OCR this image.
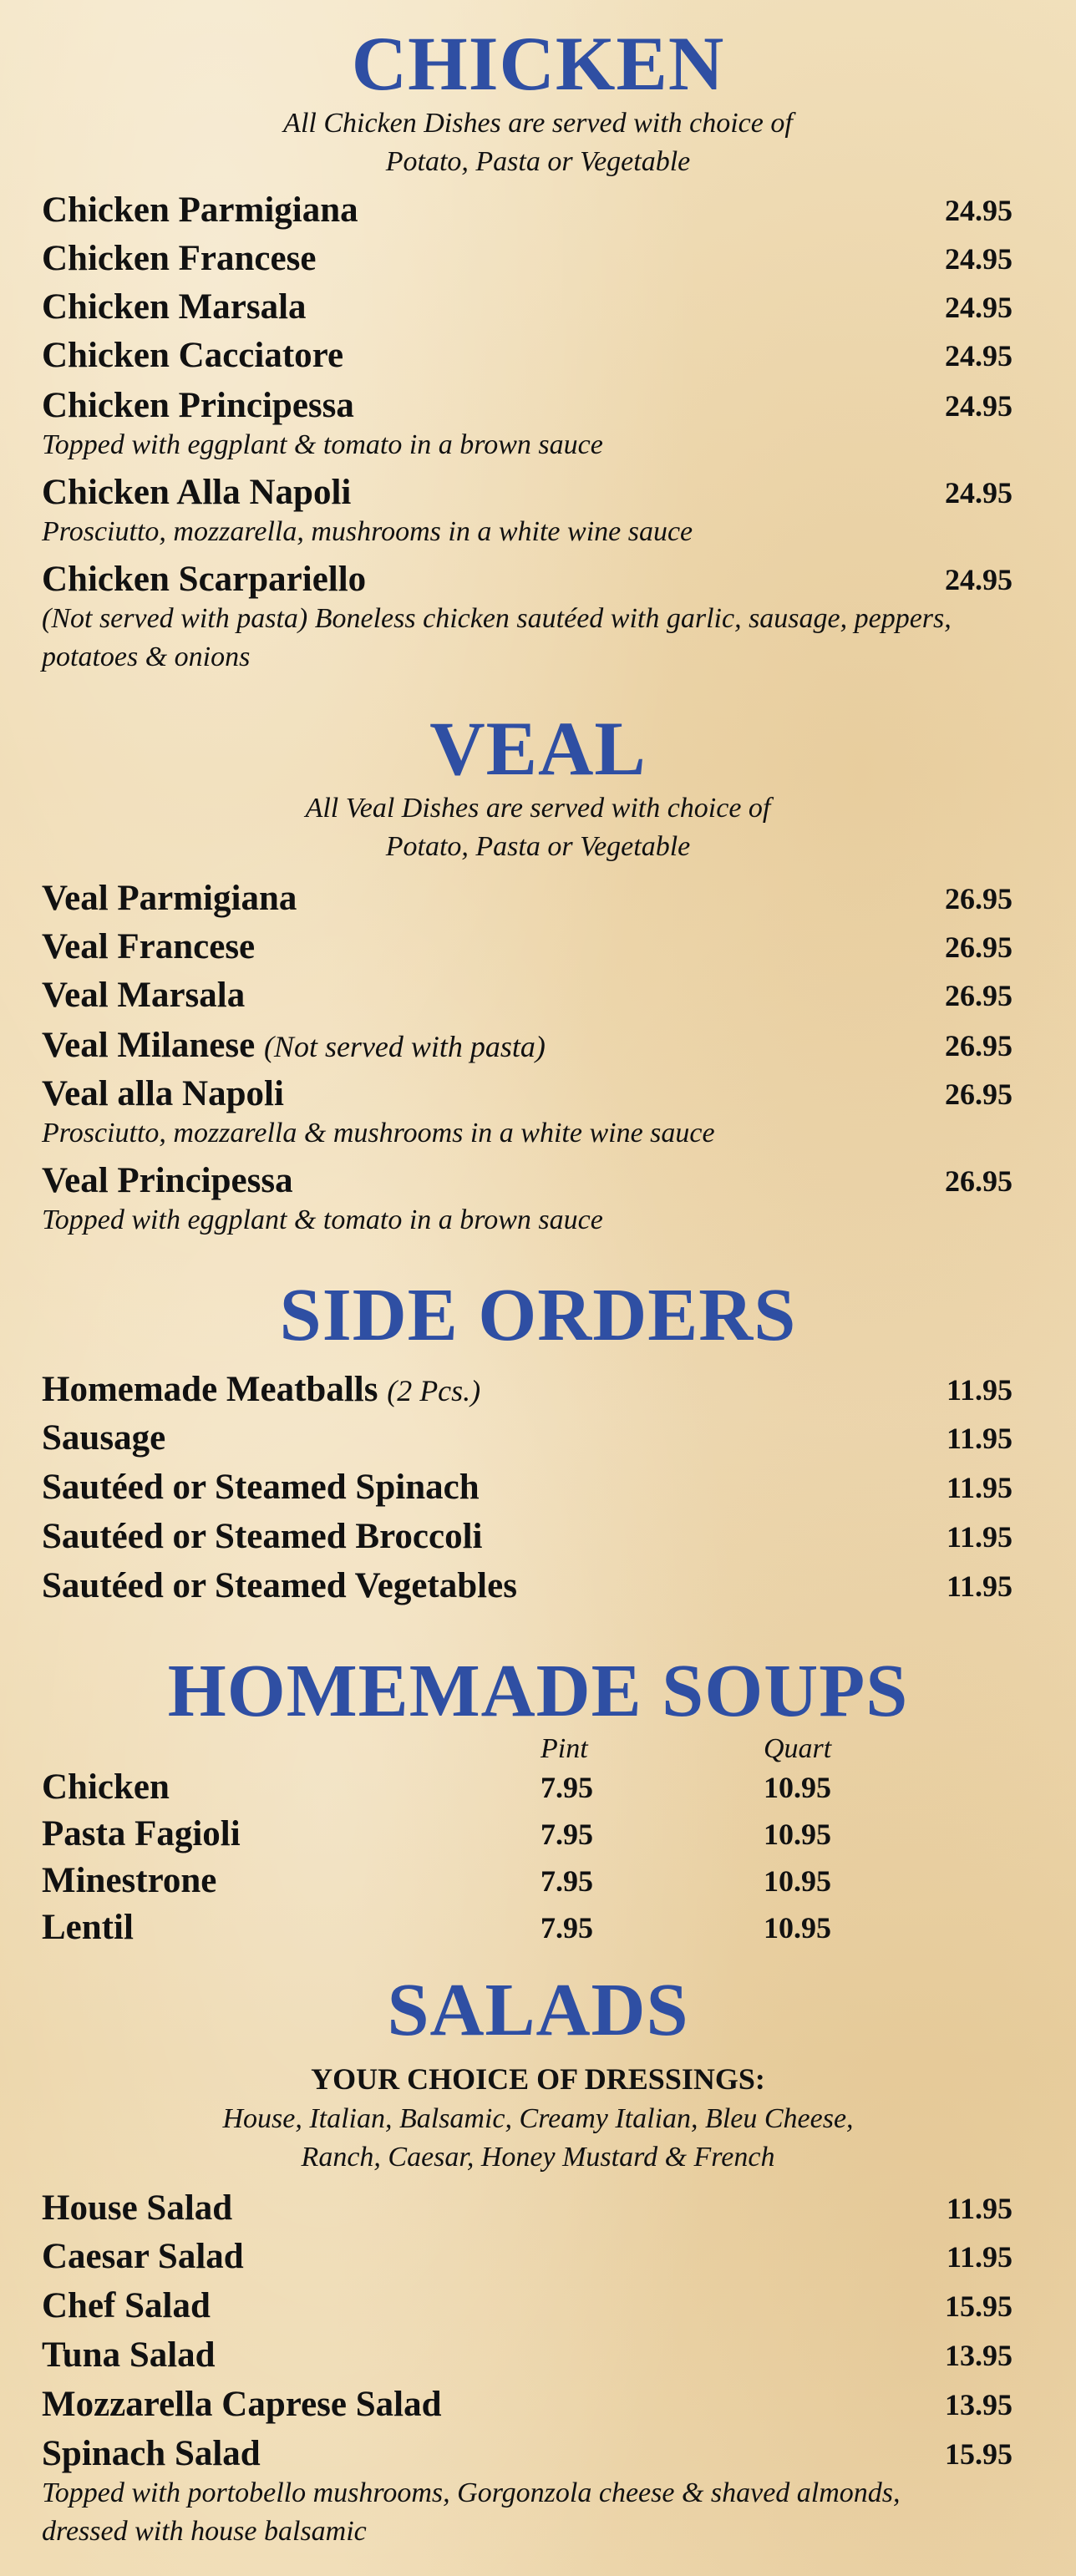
CHICKEN
All Chicken Dishes are served with choice of
Potato, Pasta or Vegetable
Chicken Parmigiana	24.95
Chicken Francese	24.95
Chicken Marsala	24.95
Chicken Cacciatore	24.95
Chicken Principessa	24.95
Topped with eggplant & tomato in a brown sauce
Chicken Alla Napoli	24.95
Prosciutto, mozzarella, mushrooms in a white wine sauce
Chicken Scarpariello	24.95
(Not served with pasta) Boneless chicken sautéed with garlic, sausage, peppers, potatoes & onions
VEAL
All Veal Dishes are served with choice of
Potato, Pasta or Vegetable
Veal Parmigiana	26.95
Veal Francese	26.95
Veal Marsala	26.95
Veal Milanese (Not served with pasta)	26.95
Veal alla Napoli	26.95
Prosciutto, mozzarella & mushrooms in a white wine sauce
Veal Principessa	26.95
Topped with eggplant & tomato in a brown sauce
SIDE ORDERS
Homemade Meatballs (2 Pcs.)	11.95
Sausage	11.95
Sautéed or Steamed Spinach	11.95
Sautéed or Steamed Broccoli	11.95
Sautéed or Steamed Vegetables	11.95
HOMEMADE SOUPS
Pint	Quart
Chicken	7.95	10.95
Pasta Fagioli	7.95	10.95
Minestrone	7.95	10.95
Lentil	7.95	10.95
SALADS
YOUR CHOICE OF DRESSINGS:
House, Italian, Balsamic, Creamy Italian, Bleu Cheese,
Ranch, Caesar, Honey Mustard & French
House Salad	11.95
Caesar Salad	11.95
Chef Salad	15.95
Tuna Salad	13.95
Mozzarella Caprese Salad	13.95
Spinach Salad	15.95
Topped with portobello mushrooms, Gorgonzola cheese & shaved almonds, dressed with house balsamic
